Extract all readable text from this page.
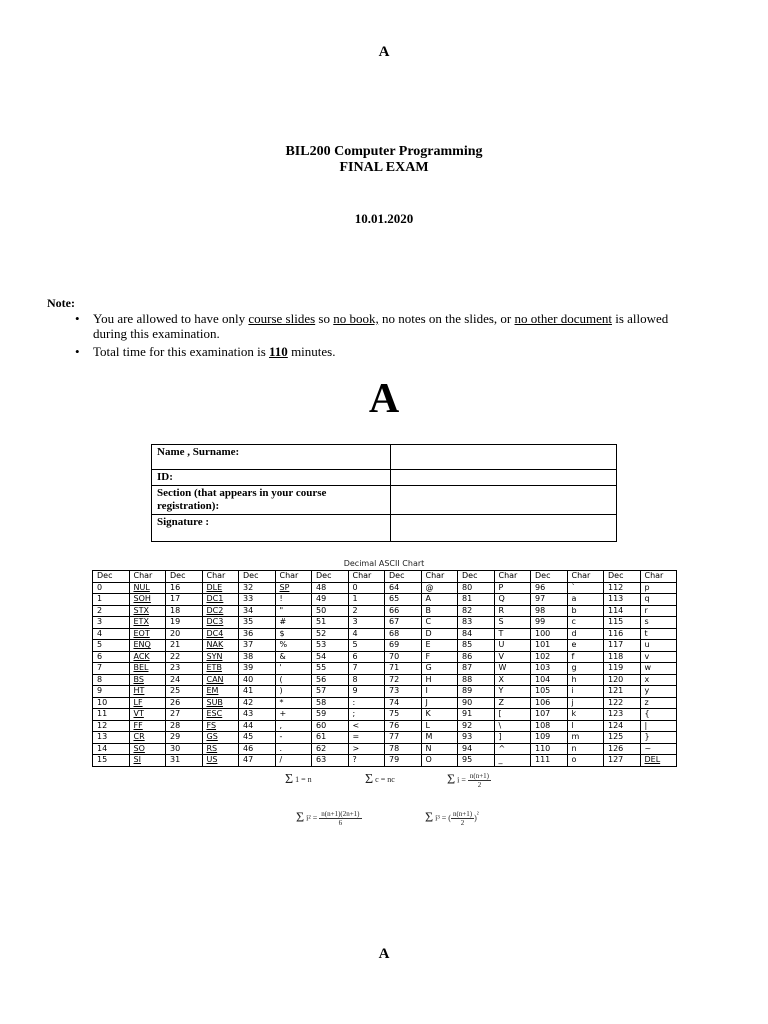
A
BIL200 Computer Programming
FINAL EXAM
10.01.2020
Note:
• You are allowed to have only course slides so no book, no notes on the slides, or no other document is allowed during this examination.
• Total time for this examination is 110 minutes.
A
Name , Surname:	
ID:	
Section (that appears in your course registration):	
Signature :	
Decimal ASCII Chart
Dec	Char	Dec	Char	Dec	Char	Dec	Char	Dec	Char	Dec	Char	Dec	Char	Dec	Char
0	NUL	16	DLE	32	SP	48	0	64	@	80	P	96	`	112	p
1	SOH	17	DC1	33	!	49	1	65	A	81	Q	97	a	113	q
2	STX	18	DC2	34	"	50	2	66	B	82	R	98	b	114	r
3	ETX	19	DC3	35	#	51	3	67	C	83	S	99	c	115	s
4	EOT	20	DC4	36	$	52	4	68	D	84	T	100	d	116	t
5	ENQ	21	NAK	37	%	53	5	69	E	85	U	101	e	117	u
6	ACK	22	SYN	38	&	54	6	70	F	86	V	102	f	118	v
7	BEL	23	ETB	39	'	55	7	71	G	87	W	103	g	119	w
8	BS	24	CAN	40	(	56	8	72	H	88	X	104	h	120	x
9	HT	25	EM	41	)	57	9	73	I	89	Y	105	i	121	y
10	LF	26	SUB	42	*	58	:	74	J	90	Z	106	j	122	z
11	VT	27	ESC	43	+	59	;	75	K	91	[	107	k	123	{
12	FF	28	FS	44	,	60	<	76	L	92	\	108	l	124	|
13	CR	29	GS	45	-	61	=	77	M	93	]	109	m	125	}
14	SO	30	RS	46	.	62	>	78	N	94	^	110	n	126	~
15	SI	31	US	47	/	63	?	79	O	95	_	111	o	127	DEL
Σ 1 = n	Σ c = nc	Σ $i = \frac{n(n+1)}{2}$
Σ $i^2 = \frac{n(n+1)(2n+1)}{6}$	Σ i³ = ( $\frac{n(n+1)}{2} )^{^2}$
A
